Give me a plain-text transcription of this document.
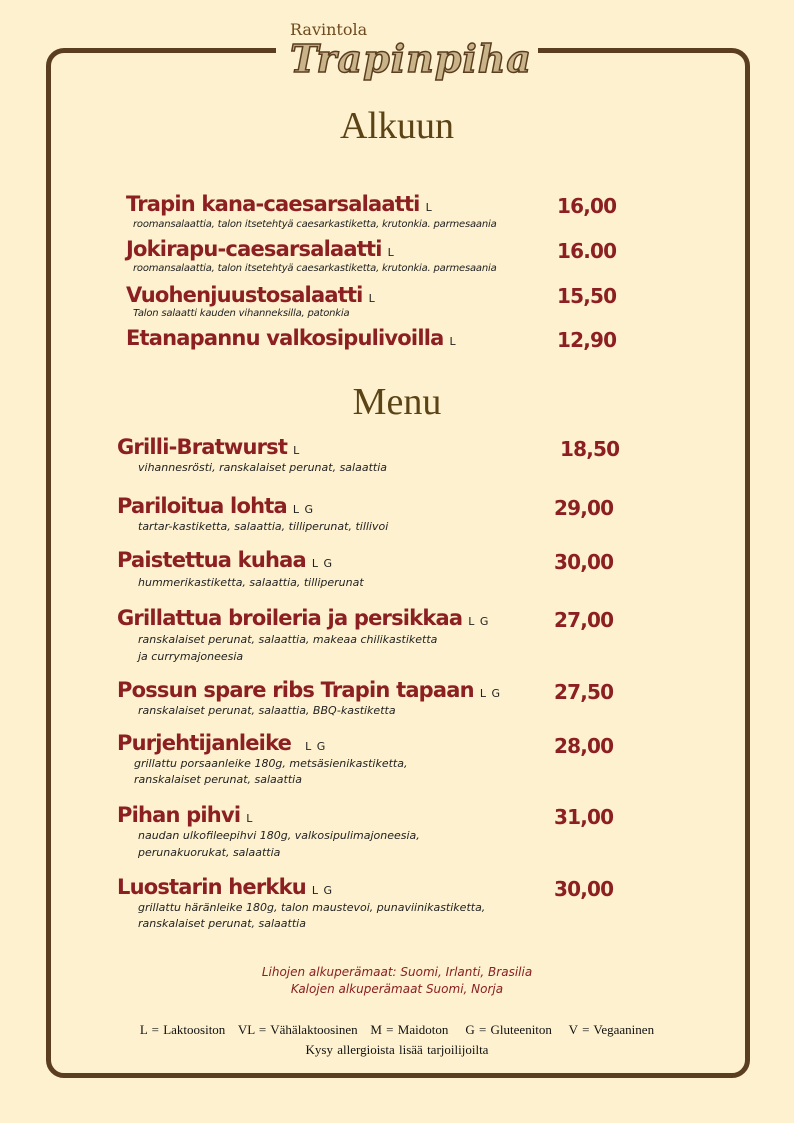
Ravintola
Trapinpiha
Alkuun
Trapin kana-caesarsalaatti L	16,00
roomansalaattia, talon itsetehtyä caesarkastiketta, krutonkia. parmesaania
Jokirapu-caesarsalaatti L	16.00
roomansalaattia, talon itsetehtyä caesarkastiketta, krutonkia. parmesaania
Vuohenjuustosalaatti L	15,50
Talon salaatti kauden vihanneksilla, patonkia
Etanapannu valkosipulivoilla L	12,90
Menu
Grilli-Bratwurst L	18,50
vihannesrösti, ranskalaiset perunat, salaattia
Pariloitua lohta L G	29,00
tartar-kastiketta, salaattia, tilliperunat, tillivoi
Paistettua kuhaa L G	30,00
hummerikastiketta, salaattia, tilliperunat
Grillattua broileria ja persikkaa L G	27,00
ranskalaiset perunat, salaattia, makeaa chilikastiketta
ja currymajoneesia
Possun spare ribs Trapin tapaan L G	27,50
ranskalaiset perunat, salaattia, BBQ-kastiketta
Purjehtijanleike L G	28,00
grillattu porsaanleike 180g, metsäsienikastiketta,
ranskalaiset perunat, salaattia
Pihan pihvi L	31,00
naudan ulkofileepihvi 180g, valkosipulimajoneesia,
perunakuorukat, salaattia
Luostarin herkku L G	30,00
grillattu häränleike 180g, talon maustevoi, punaviinikastiketta,
ranskalaiset perunat, salaattia
Lihojen alkuperämaat: Suomi, Irlanti, Brasilia
Kalojen alkuperämaat Suomi, Norja
L = Laktoositon   VL = Vähälaktoosinen   M = Maidoton    G = Gluteeniton    V = Vegaaninen
Kysy allergioista lisää tarjoilijoilta
